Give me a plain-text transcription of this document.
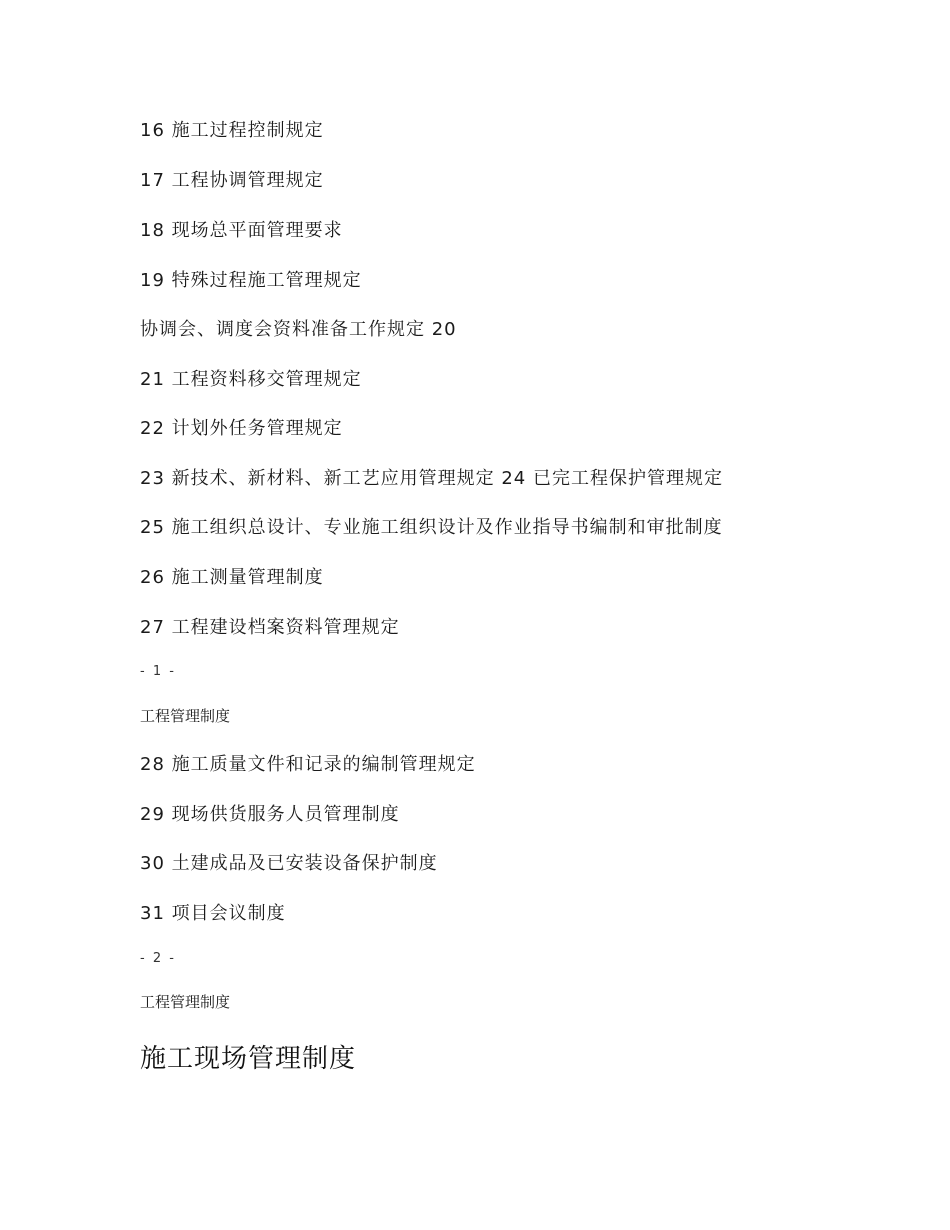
16 施工过程控制规定
17 工程协调管理规定
18 现场总平面管理要求
19 特殊过程施工管理规定
协调会、调度会资料准备工作规定 20
21 工程资料移交管理规定
22 计划外任务管理规定
23 新技术、新材料、新工艺应用管理规定 24 已完工程保护管理规定
25 施工组织总设计、专业施工组织设计及作业指导书编制和审批制度
26 施工测量管理制度
27 工程建设档案资料管理规定
- 1 -
工程管理制度
28 施工质量文件和记录的编制管理规定
29 现场供货服务人员管理制度
30 土建成品及已安装设备保护制度
31 项目会议制度
- 2 -
工程管理制度
施工现场管理制度
